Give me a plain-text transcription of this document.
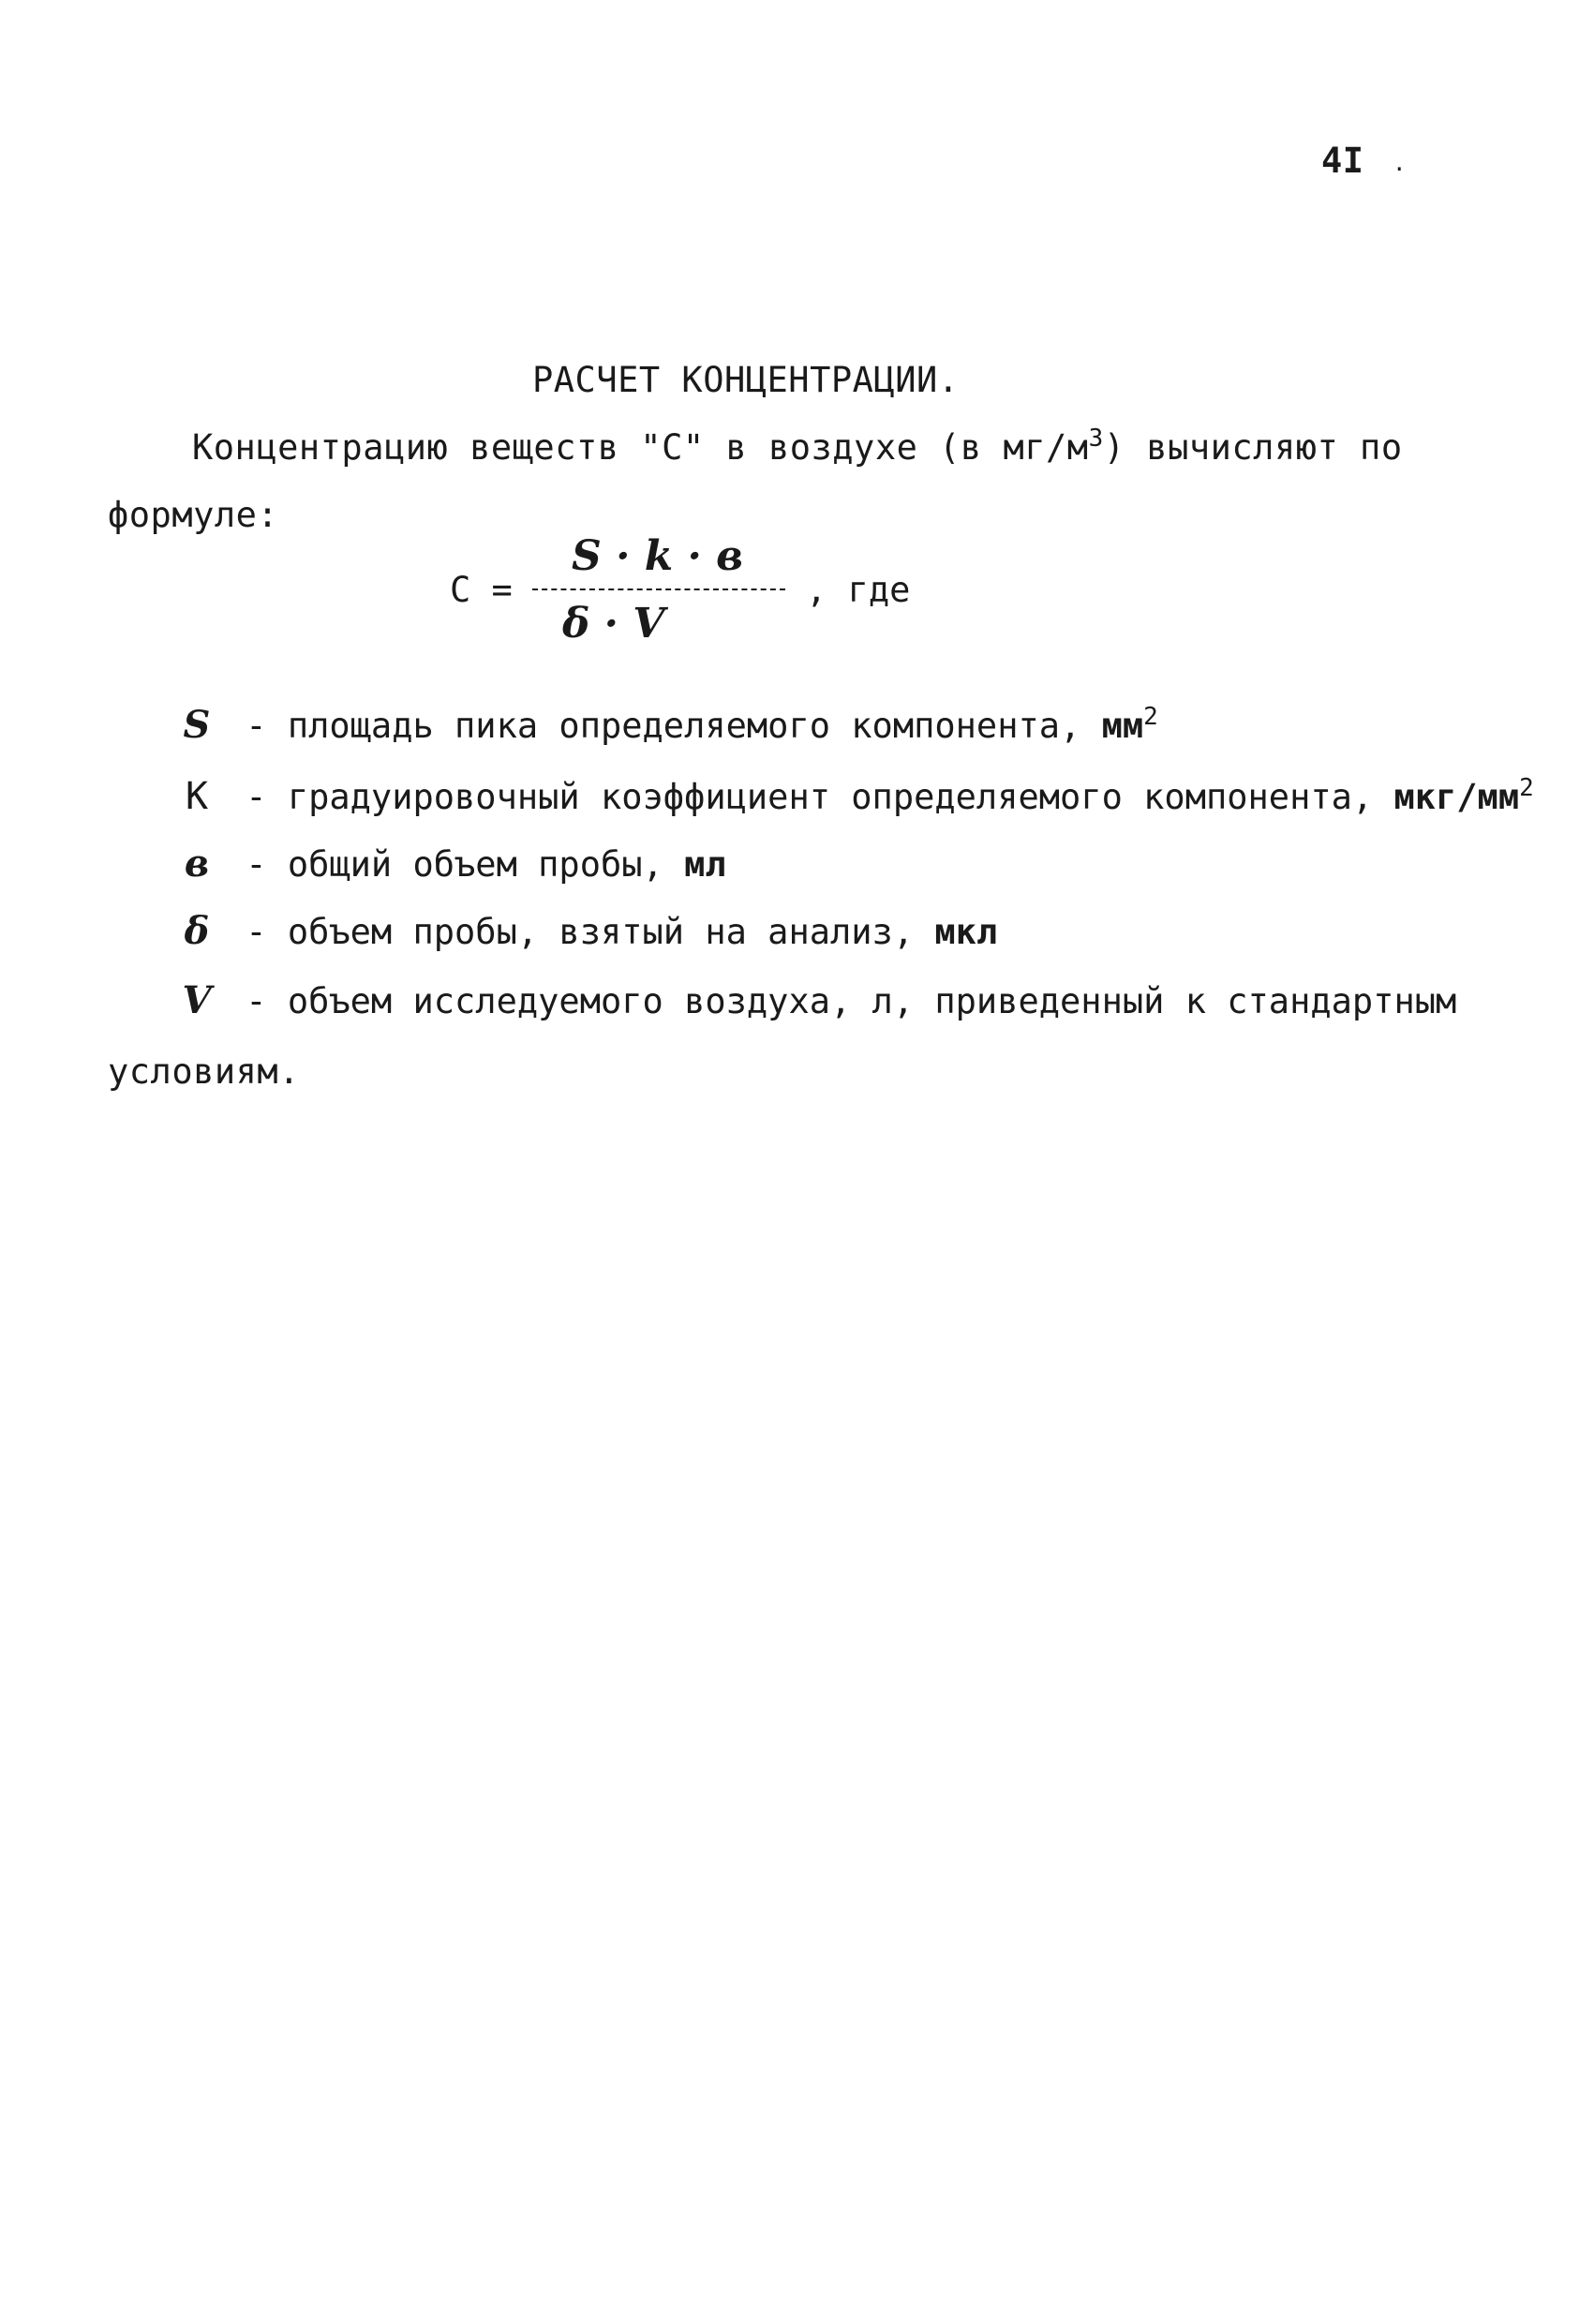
4I .
РАСЧЕТ КОНЦЕНТРАЦИИ.
Концентрацию веществ "С" в воздухе (в $мг/м^3$) вычисляют по
формуле:
С =
S · k · в
δ · V
, где
S - площадь пика определяемого компонента, $мм^2$
К - градуировочный коэффициент определяемого компонента, мкг/$мм^2$
в - общий объем пробы, мл
δ - объем пробы, взятый на анализ, мкл
V - объем исследуемого воздуха, л, приведенный к стандартным
условиям.
